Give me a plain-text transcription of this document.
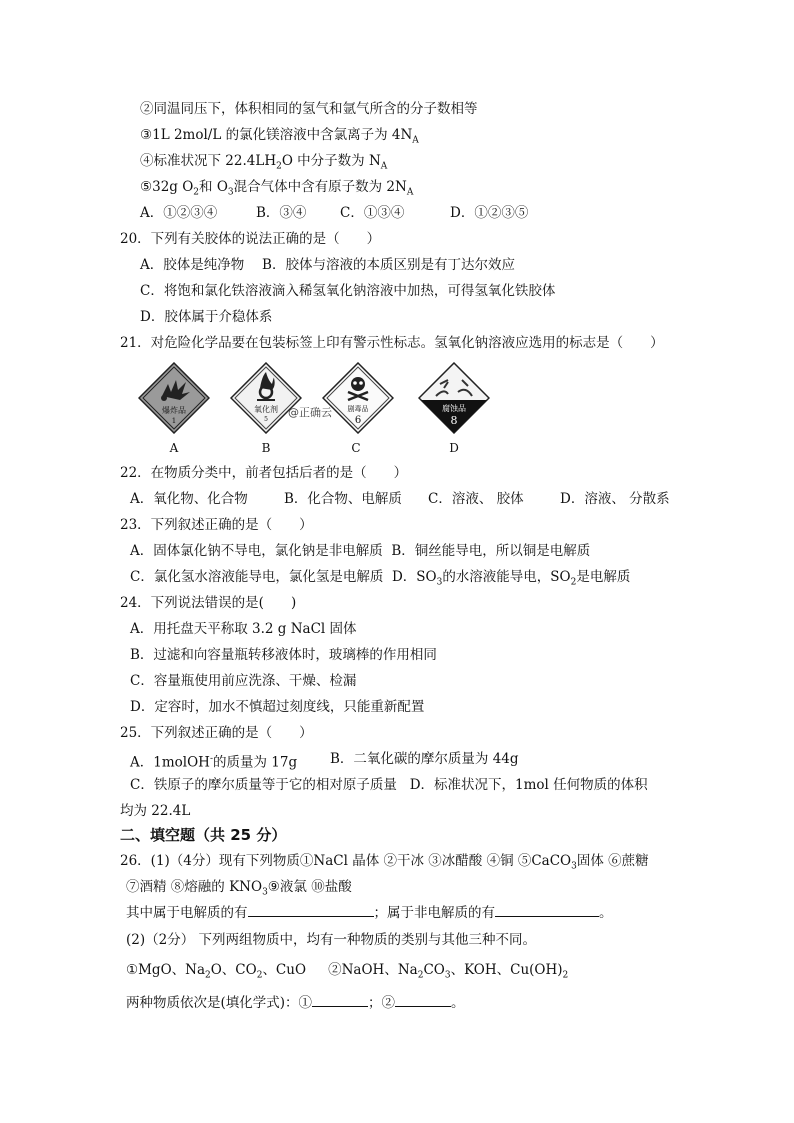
②同温同压下，体积相同的氢气和氩气所含的分子数相等
③1L 2mol/L 的氯化镁溶液中含氯离子为 $4N_A$
④标准状况下 $22.4LH_2O$ 中分子数为 $N_A$
⑤32g $O_2$和 $O_3$混合气体中含有原子数为 $2N_A$
A．①②③④	B．③④ C．①③④	D．①②③⑤
20．下列有关胶体的说法正确的是（　　）
A．胶体是纯净物　 B．胶体与溶液的本质区别是有丁达尔效应
C．将饱和氯化铁溶液滴入稀氢氧化钠溶液中加热，可得氢氧化铁胶体
D．胶体属于介稳体系
21．对危险化学品要在包装标签上印有警示性标志。氢氧化钠溶液应选用的标志是（　　）
爆炸品
1
氧化剂
5
@正确云 剧毒品
6
腐蚀品
8
A	B	C	D
22．在物质分类中，前者包括后者的是（　　）
A．氧化物、化合物	B．化合物、电解质 C．溶液、 胶体	D．溶液、 分散系
23．下列叙述正确的是（　　）
A．固体氯化钠不导电，氯化钠是非电解质 B．铜丝能导电，所以铜是电解质
C．氯化氢水溶液能导电，氯化氢是电解质 D．$SO_3$的水溶液能导电，$SO_2$是电解质
24．下列说法错误的是(　　)
A．用托盘天平称取 3.2 g NaCl 固体
B．过滤和向容量瓶转移液体时，玻璃棒的作用相同
C．容量瓶使用前应洗涤、干燥、检漏
D．定容时，加水不慎超过刻度线，只能重新配置
25．下列叙述正确的是（　　）
A．1molOH-的质量为 17g B．二氧化碳的摩尔质量为 44g
C．铁原子的摩尔质量等于它的相对原子质量 D．标准状况下，1mol 任何物质的体积
均为 22.4L
二、填空题（共 25 分）
26．(1)（4分）现有下列物质①NaCl 晶体 ②干冰 ③冰醋酸 ④铜 ⑤CaCO$_3$固体 ⑥蔗糖
⑦酒精 ⑧熔融的 $KNO_3⑨$液氯 ⑩盐酸
其中属于电解质的有	；属于非电解质的有	。
(2)（2分） 下列两组物质中，均有一种物质的类别与其他三种不同。
①MgO、$Na_2O$、$CO_2$、CuO　 ②NaOH、$Na_2CO_3$、KOH、$Cu(OH)_2$
两种物质依次是(填化学式)：①	；②	。
